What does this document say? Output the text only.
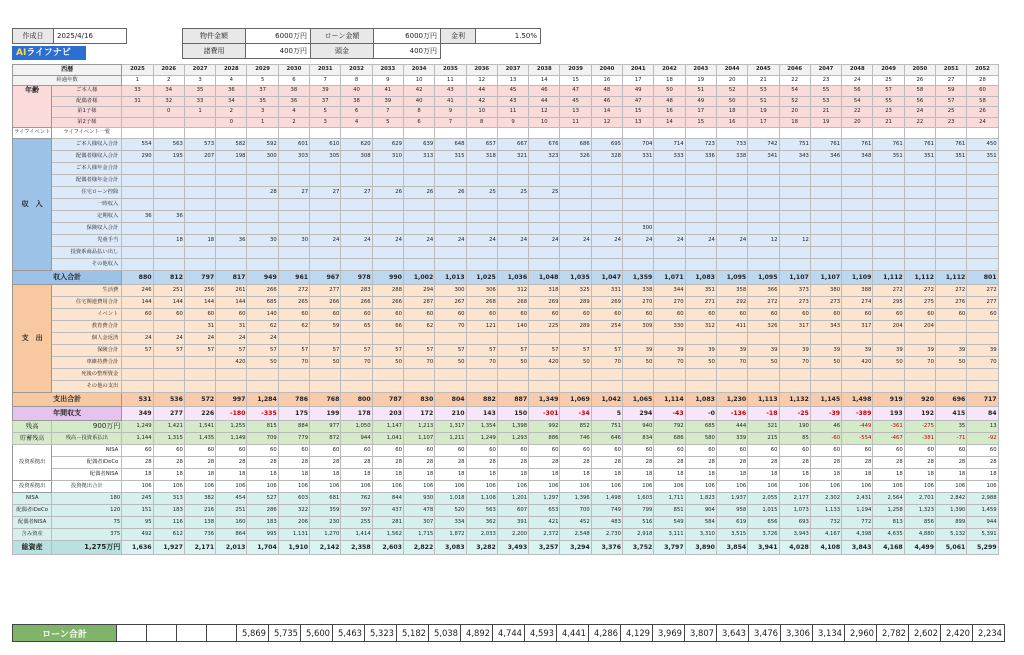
作成日	2025/4/16	物件金額	6000万円	ローン金額	6000万円	金利	1.50%
諸費用	400万円	頭金	400万円		
AIライフナビ
西暦		2025	2026	2027	2028	2029	2030	2031	2032	2033	2034	2035	2036	2037	2038	2039	2040	2041	2042	2043	2044	2045	2046	2047	2048	2049	2050	2051	2052
経過年数		1	2	3	4	5	6	7	8	9	10	11	12	13	14	15	16	17	18	19	20	21	22	23	24	25	26	27	28
年齢	ご本人様	33	34	35	36	37	38	39	40	41	42	43	44	45	46	47	48	49	50	51	52	53	54	55	56	57	58	59	60
	配偶者様	31	32	33	34	35	36	37	38	39	40	41	42	43	44	45	46	47	48	49	50	51	52	53	54	55	56	57	58
	第1子様		0	1	2	3	4	5	6	7	8	9	10	11	12	13	14	15	16	17	18	19	20	21	22	23	24	25	26
	第2子様				0	1	2	3	4	5	6	7	8	9	10	11	12	13	14	15	16	17	18	19	20	21	22	23	24
ライフイベント	ライフイベント一覧																												
収　入	ご本人様収入合計	554	563	573	582	592	601	610	620	629	639	648	657	667	676	686	695	704	714	723	733	742	751	761	761	761	761	761	450
	配偶者様収入合計	290	195	207	198	300	303	305	308	310	313	315	318	321	323	326	328	331	333	336	338	341	343	346	348	351	351	351	351
	ご本人様年金合計																												
	配偶者様年金合計																												
	住宅ローン控除					28	27	27	27	26	26	26	25	25	25														
	一時収入																												
	定期収入	36	36																										
	保険収入合計																	300											
	児童手当		18	18	36	30	30	24	24	24	24	24	24	24	24	24	24	24	24	24	24	12	12						
	投資系商品払い出し																												
	その他収入																												
収入合計		880	812	797	817	949	961	967	978	990	1,002	1,013	1,025	1,036	1,048	1,035	1,047	1,359	1,071	1,083	1,095	1,095	1,107	1,107	1,109	1,112	1,112	1,112	801
支　出	生活費	246	251	256	261	266	272	277	283	288	294	300	306	312	318	325	331	338	344	351	358	366	373	380	388	272	272	272	272
	住宅関連費用合計	144	144	144	144	685	265	266	266	266	287	267	268	268	269	289	269	270	270	271	292	272	273	273	274	295	275	276	277
	イベント	60	60	60	60	140	60	60	60	60	60	60	60	60	60	60	60	60	60	60	60	60	60	60	60	60	60	60	60
	教育費合計			31	31	62	62	59	65	66	62	70	121	140	225	289	254	309	330	312	411	326	317	343	317	204	204		
	個人金返済	24	24	24	24	24																							
	保険合計	57	57	57	57	57	57	57	57	57	57	57	57	57	57	57	57	39	39	39	39	39	39	39	39	39	39	39	39
	車維持費合計				420	50	70	50	70	50	70	50	70	50	420	50	70	50	70	50	70	50	70	50	420	50	70	50	70
	死後の整理資金																												
	その他の支出																												
支出合計		531	536	572	997	1,284	786	768	800	787	830	804	882	887	1,349	1,069	1,042	1,065	1,114	1,083	1,230	1,113	1,132	1,145	1,498	919	920	696	717
年間収支		349	277	226	-180	-335	175	199	178	203	172	210	143	150	-301	-34	5	294	-43	-0	-136	-18	-25	-39	-389	193	192	415	84
残高	900万円	1,249	1,421	1,541	1,255	815	884	977	1,050	1,147	1,213	1,317	1,354	1,398	992	852	751	940	792	685	444	321	190	46	-449	-361	-275	35	13
貯蓄残高	残高－投資系払出	1,144	1,315	1,435	1,149	709	779	872	944	1,041	1,107	1,211	1,249	1,293	886	746	646	834	686	580	339	215	85	-60	-554	-467	-381	-71	-92
投資系拠出	NISA	60	60	60	60	60	60	60	60	60	60	60	60	60	60	60	60	60	60	60	60	60	60	60	60	60	60	60	60
	配偶者iDeCo	28	28	28	28	28	28	28	28	28	28	28	28	28	28	28	28	28	28	28	28	28	28	28	28	28	28	28	28
	配偶者NISA	18	18	18	18	18	18	18	18	18	18	18	18	18	18	18	18	18	18	18	18	18	18	18	18	18	18	18	18
投資系拠出	投資拠出合計	106	106	106	106	106	106	106	106	106	106	106	106	106	106	106	106	106	106	106	106	106	106	106	106	106	106	106	106
NISA	180	245	313	382	454	527	603	681	762	844	930	1,018	1,108	1,201	1,297	1,396	1,498	1,603	1,711	1,823	1,937	2,055	2,177	2,302	2,431	2,564	2,701	2,842	2,988
配偶者iDeCo	120	151	183	216	251	286	322	359	397	437	478	520	563	607	653	700	749	799	851	904	958	1,015	1,073	1,133	1,194	1,258	1,323	1,390	1,459
配偶者NISA	75	95	116	138	160	183	206	230	255	281	307	334	362	391	421	452	483	516	549	584	619	656	693	732	772	813	856	899	944
含み資産	375	492	612	736	864	995	1,131	1,270	1,414	1,562	1,715	1,872	2,033	2,200	2,372	2,548	2,730	2,918	3,111	3,310	3,515	3,726	3,943	4,167	4,398	4,635	4,880	5,132	5,391
総資産	1,275万円	1,636	1,927	2,171	2,013	1,704	1,910	2,142	2,358	2,603	2,822	3,083	3,282	3,493	3,257	3,294	3,376	3,752	3,797	3,890	3,854	3,941	4,028	4,108	3,843	4,168	4,499	5,061	5,299
ローン合計					5,869	5,735	5,600	5,463	5,323	5,182	5,038	4,892	4,744	4,593	4,441	4,286	4,129	3,969	3,807	3,643	3,476	3,306	3,134	2,960	2,782	2,602	2,420	2,234
